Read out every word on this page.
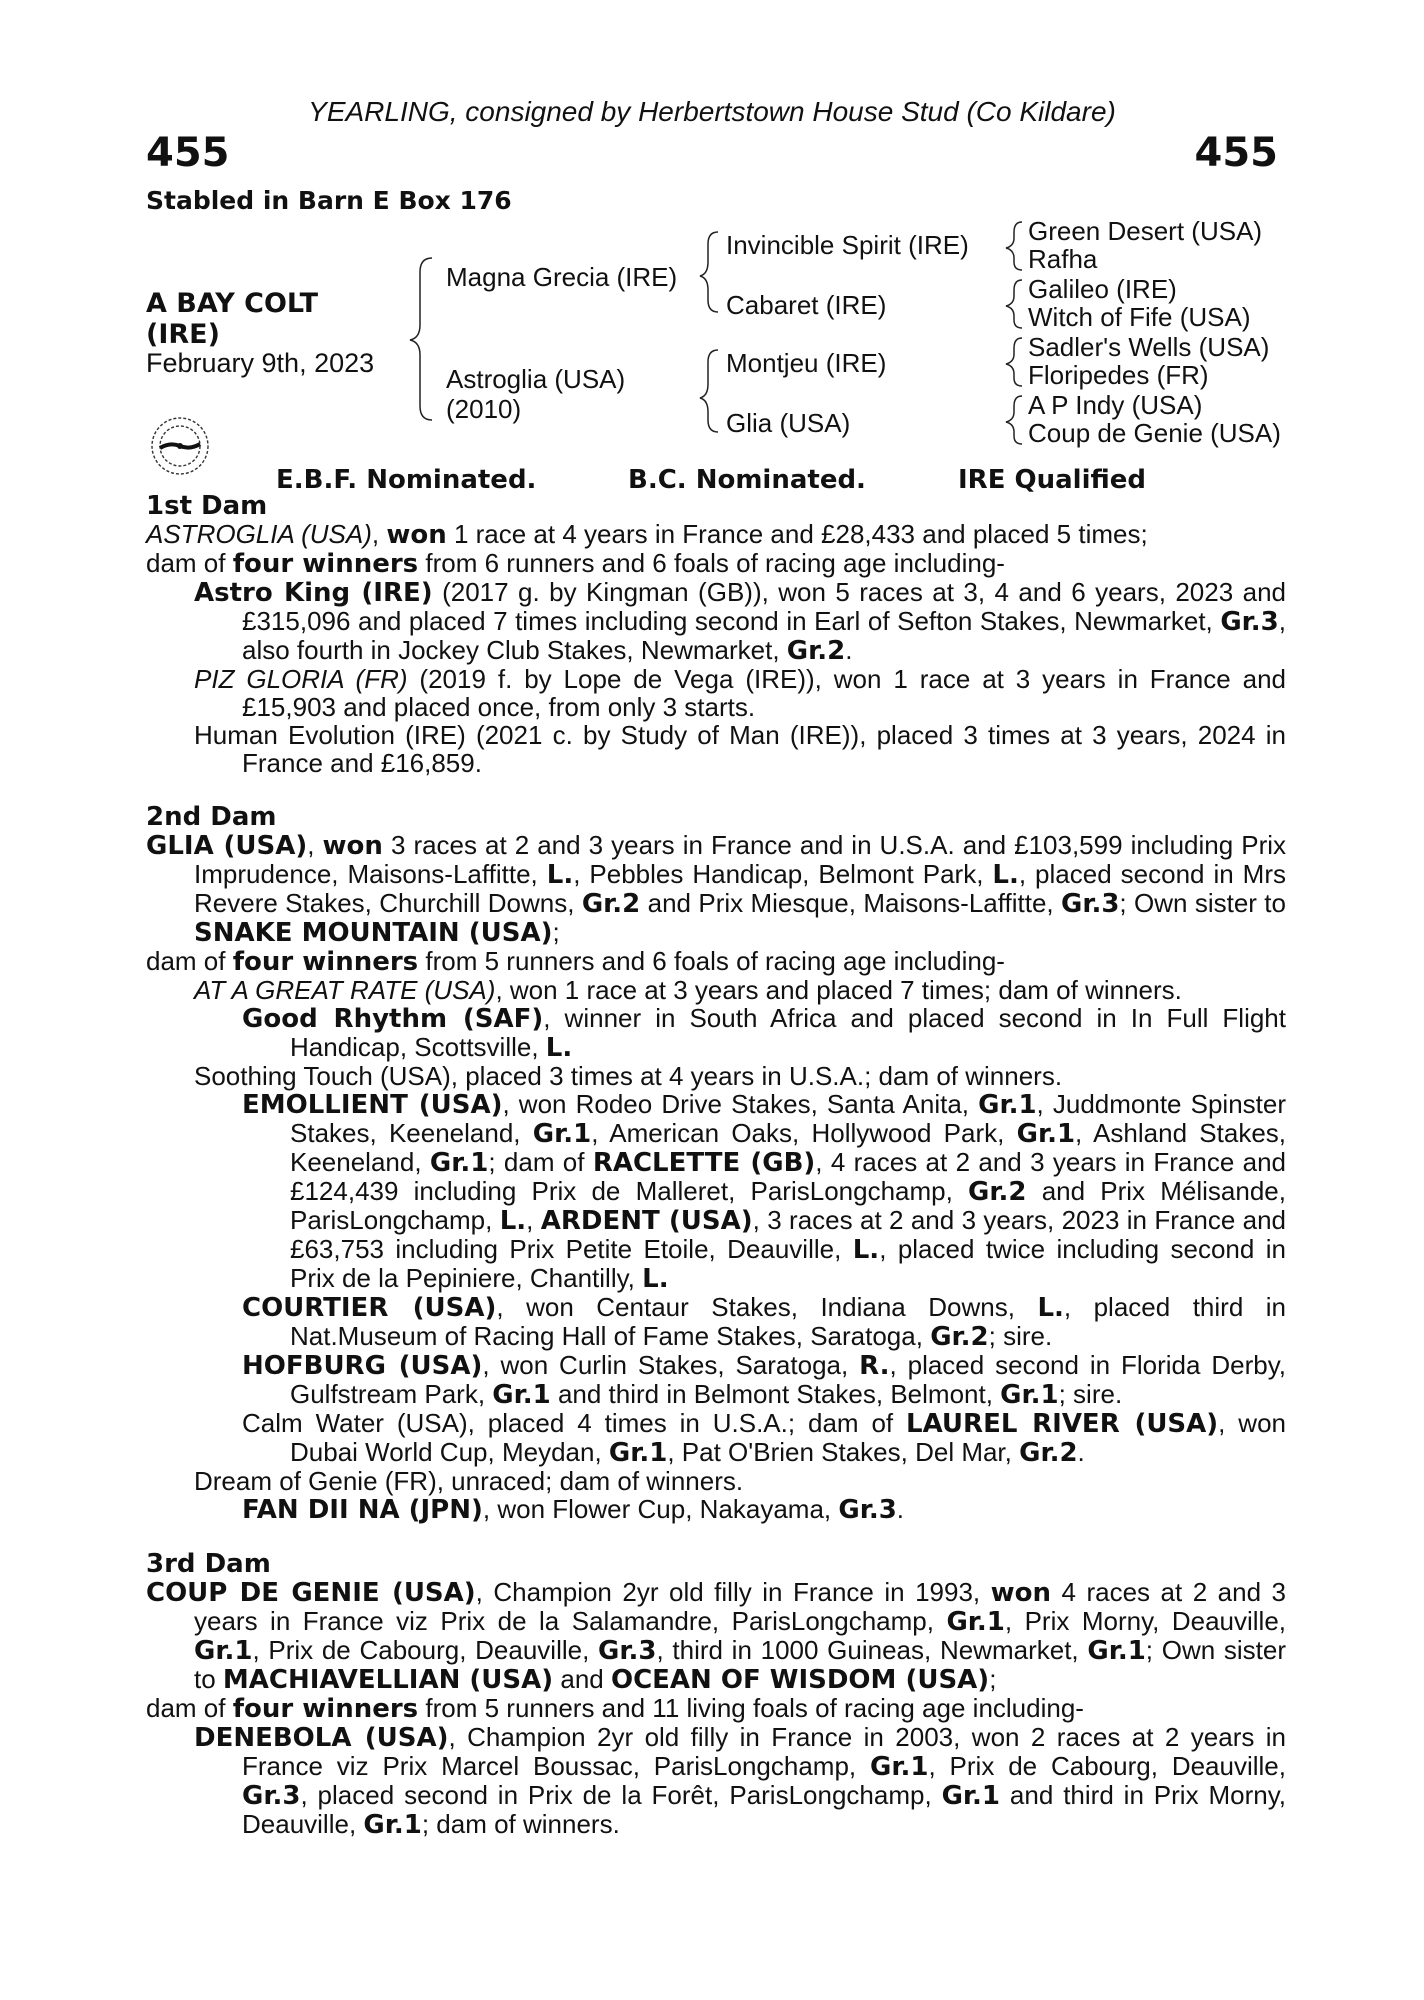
YEARLING, consigned by Herbertstown House Stud (Co Kildare)
455	455
Stabled in Barn E Box 176
A BAY COLT
(IRE)
February 9th, 2023
Magna Grecia (IRE)
Astroglia (USA)
(2010)
Invincible Spirit (IRE)
Cabaret (IRE)
Montjeu (IRE)
Glia (USA)
Green Desert (USA)
Rafha
Galileo (IRE)
Witch of Fife (USA)
Sadler's Wells (USA)
Floripedes (FR)
A P Indy (USA)
Coup de Genie (USA)
E.B.F. Nominated.	B.C. Nominated.	IRE Qualified

1st Dam

ASTROGLIA (USA), won 1 race at 4 years in France and £28,433 and placed 5 times;

dam of four winners from 6 runners and 6 foals of racing age including-

Astro King (IRE) (2017 g. by Kingman (GB)), won 5 races at 3, 4 and 6 years, 2023 and £315,096 and placed 7 times including second in Earl of Sefton Stakes, Newmarket, Gr.3, also fourth in Jockey Club Stakes, Newmarket, Gr.2.

PIZ GLORIA (FR) (2019 f. by Lope de Vega (IRE)), won 1 race at 3 years in France and £15,903 and placed once, from only 3 starts.

Human Evolution (IRE) (2021 c. by Study of Man (IRE)), placed 3 times at 3 years, 2024 in France and £16,859.

2nd Dam

GLIA (USA), won 3 races at 2 and 3 years in France and in U.S.A. and £103,599 including Prix Imprudence, Maisons-Laffitte, L., Pebbles Handicap, Belmont Park, L., placed second in Mrs Revere Stakes, Churchill Downs, Gr.2 and Prix Miesque, Maisons-Laffitte, Gr.3; Own sister to SNAKE MOUNTAIN (USA);

dam of four winners from 5 runners and 6 foals of racing age including-

AT A GREAT RATE (USA), won 1 race at 3 years and placed 7 times; dam of winners.

Good Rhythm (SAF), winner in South Africa and placed second in In Full Flight Handicap, Scottsville, L.

Soothing Touch (USA), placed 3 times at 4 years in U.S.A.; dam of winners.

EMOLLIENT (USA), won Rodeo Drive Stakes, Santa Anita, Gr.1, Juddmonte Spinster Stakes, Keeneland, Gr.1, American Oaks, Hollywood Park, Gr.1, Ashland Stakes, Keeneland, Gr.1; dam of RACLETTE (GB), 4 races at 2 and 3 years in France and £124,439 including Prix de Malleret, ParisLongchamp, Gr.2 and Prix Mélisande, ParisLongchamp, L., ARDENT (USA), 3 races at 2 and 3 years, 2023 in France and £63,753 including Prix Petite Etoile, Deauville, L., placed twice including second in Prix de la Pepiniere, Chantilly, L.

COURTIER (USA), won Centaur Stakes, Indiana Downs, L., placed third in Nat.Museum of Racing Hall of Fame Stakes, Saratoga, Gr.2; sire.

HOFBURG (USA), won Curlin Stakes, Saratoga, R., placed second in Florida Derby, Gulfstream Park, Gr.1 and third in Belmont Stakes, Belmont, Gr.1; sire.

Calm Water (USA), placed 4 times in U.S.A.; dam of LAUREL RIVER (USA), won Dubai World Cup, Meydan, Gr.1, Pat O'Brien Stakes, Del Mar, Gr.2.

Dream of Genie (FR), unraced; dam of winners.

FAN DII NA (JPN), won Flower Cup, Nakayama, Gr.3.

3rd Dam

COUP DE GENIE (USA), Champion 2yr old filly in France in 1993, won 4 races at 2 and 3 years in France viz Prix de la Salamandre, ParisLongchamp, Gr.1, Prix Morny, Deauville, Gr.1, Prix de Cabourg, Deauville, Gr.3, third in 1000 Guineas, Newmarket, Gr.1; Own sister to MACHIAVELLIAN (USA) and OCEAN OF WISDOM (USA);

dam of four winners from 5 runners and 11 living foals of racing age including-

DENEBOLA (USA), Champion 2yr old filly in France in 2003, won 2 races at 2 years in France viz Prix Marcel Boussac, ParisLongchamp, Gr.1, Prix de Cabourg, Deauville, Gr.3, placed second in Prix de la Forêt, ParisLongchamp, Gr.1 and third in Prix Morny, Deauville, Gr.1; dam of winners.
